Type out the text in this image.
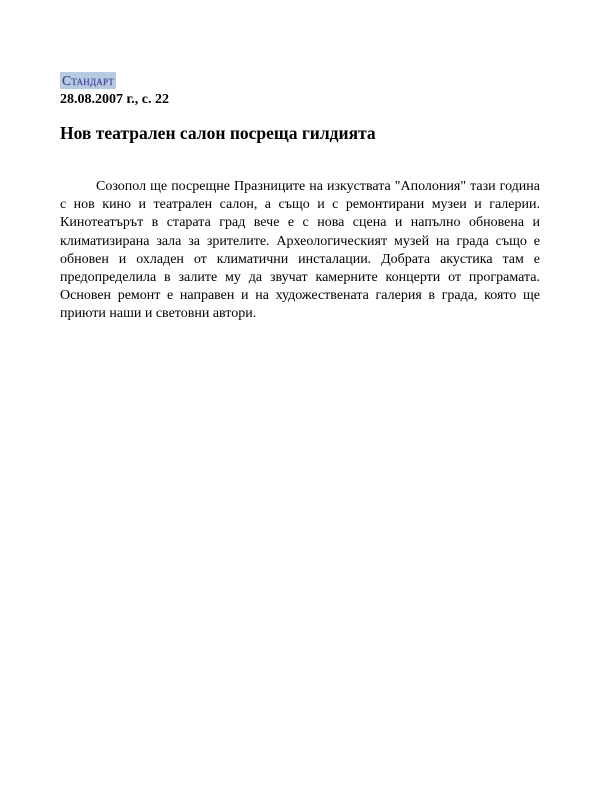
Стандарт
28.08.2007 г., с. 22
Нов театрален салон посреща гилдията

Созопол ще посрещне Празниците на изкуствата "Аполония" тази година с нов кино и театрален салон, а също и с ремонтирани музеи и галерии. Кинотеатърът в старата град вече е с нова сцена и напълно обновена и климатизирана зала за зрителите. Археологическият музей на града също е обновен и охладен от климатични инсталации. Добрата акустика там е предопределила в залите му да звучат камерните концерти от програмата. Основен ремонт е направен и на художествената галерия в града, която ще приюти наши и световни автори.
